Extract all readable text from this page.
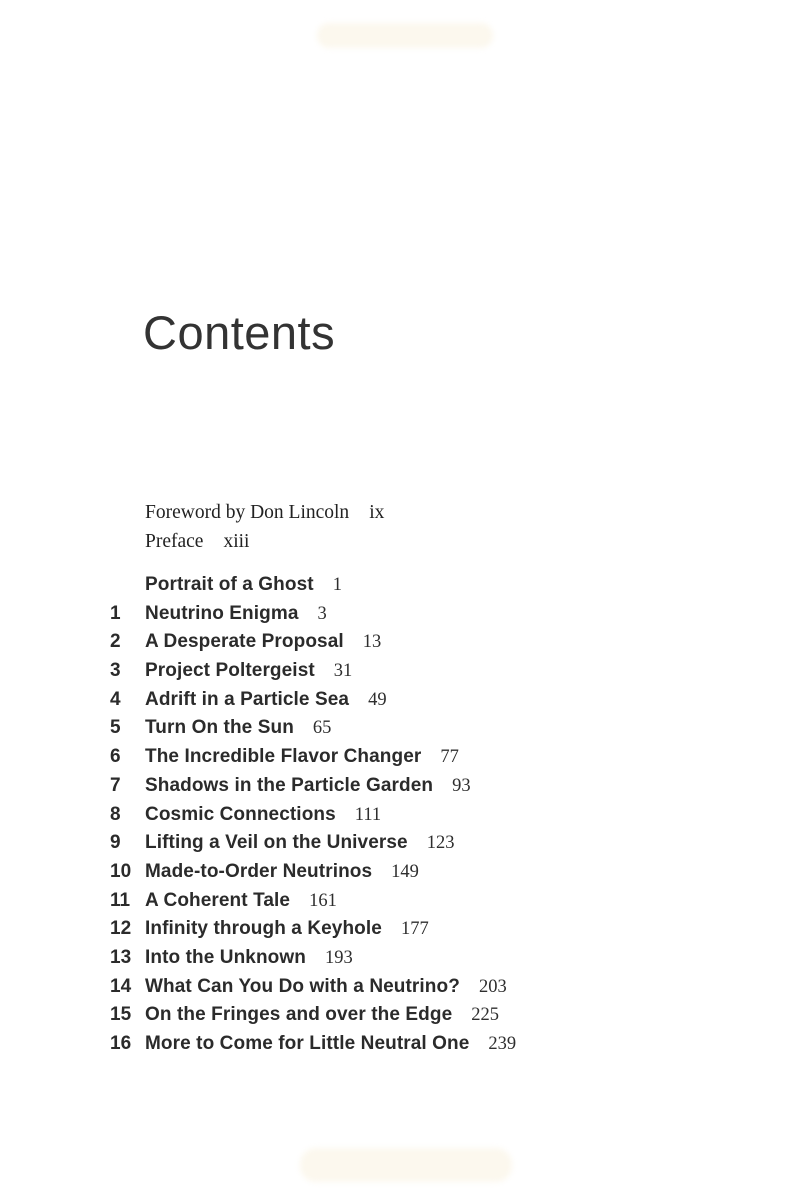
Contents
Foreword by Don Lincoln ix
Preface xiii
Portrait of a Ghost 1
1	Neutrino Enigma 3
2	A Desperate Proposal 13
3	Project Poltergeist 31
4	Adrift in a Particle Sea 49
5	Turn On the Sun 65
6	The Incredible Flavor Changer 77
7	Shadows in the Particle Garden 93
8	Cosmic Connections 111
9	Lifting a Veil on the Universe 123
10 Made-to-Order Neutrinos 149
11 A Coherent Tale 161
12 Infinity through a Keyhole 177
13 Into the Unknown 193
14 What Can You Do with a Neutrino? 203
15 On the Fringes and over the Edge 225
16 More to Come for Little Neutral One 239
